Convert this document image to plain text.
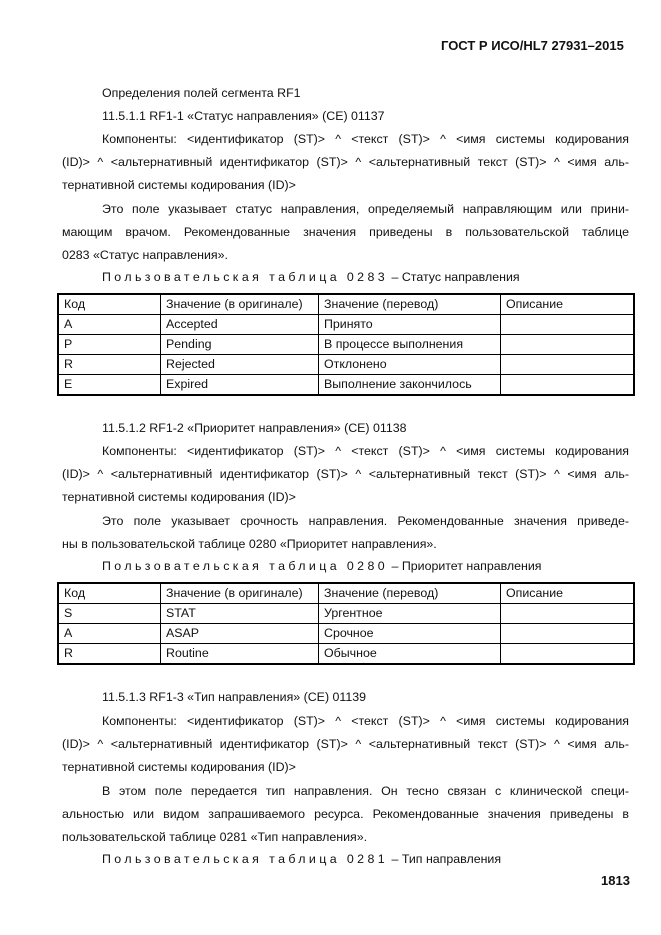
ГОСТ Р ИСО/HL7 27931–2015
Определения полей сегмента RF1
11.5.1.1 RF1-1 «Статус направления» (CE) 01137
Компоненты: <идентификатор (ST)> ^ <текст (ST)> ^ <имя системы кодирования
(ID)> ^ <альтернативный идентификатор (ST)> ^ <альтернативный текст (ST)> ^ <имя аль-
тернативной системы кодирования (ID)>
Это поле указывает статус направления, определяемый направляющим или прини-
мающим врачом. Рекомендованные значения приведены в пользовательской таблице
0283 «Статус направления».
Пользовательская таблица 0283 – Статус направления
Код	Значение (в оригинале)	Значение (перевод)	Описание
A	Accepted	Принято	
P	Pending	В процессе выполнения	
R	Rejected	Отклонено	
E	Expired	Выполнение закончилось	
11.5.1.2 RF1-2 «Приоритет направления» (CE) 01138
Компоненты: <идентификатор (ST)> ^ <текст (ST)> ^ <имя системы кодирования
(ID)> ^ <альтернативный идентификатор (ST)> ^ <альтернативный текст (ST)> ^ <имя аль-
тернативной системы кодирования (ID)>
Это поле указывает срочность направления. Рекомендованные значения приведе-
ны в пользовательской таблице 0280 «Приоритет направления».
Пользовательская таблица 0280 – Приоритет направления
Код	Значение (в оригинале)	Значение (перевод)	Описание
S	STAT	Ургентное	
A	ASAP	Срочное	
R	Routine	Обычное	
11.5.1.3 RF1-3 «Тип направления» (CE) 01139
Компоненты: <идентификатор (ST)> ^ <текст (ST)> ^ <имя системы кодирования
(ID)> ^ <альтернативный идентификатор (ST)> ^ <альтернативный текст (ST)> ^ <имя аль-
тернативной системы кодирования (ID)>
В этом поле передается тип направления. Он тесно связан с клинической специ-
альностью или видом запрашиваемого ресурса. Рекомендованные значения приведены в
пользовательской таблице 0281 «Тип направления».
Пользовательская таблица 0281 – Тип направления
1813
